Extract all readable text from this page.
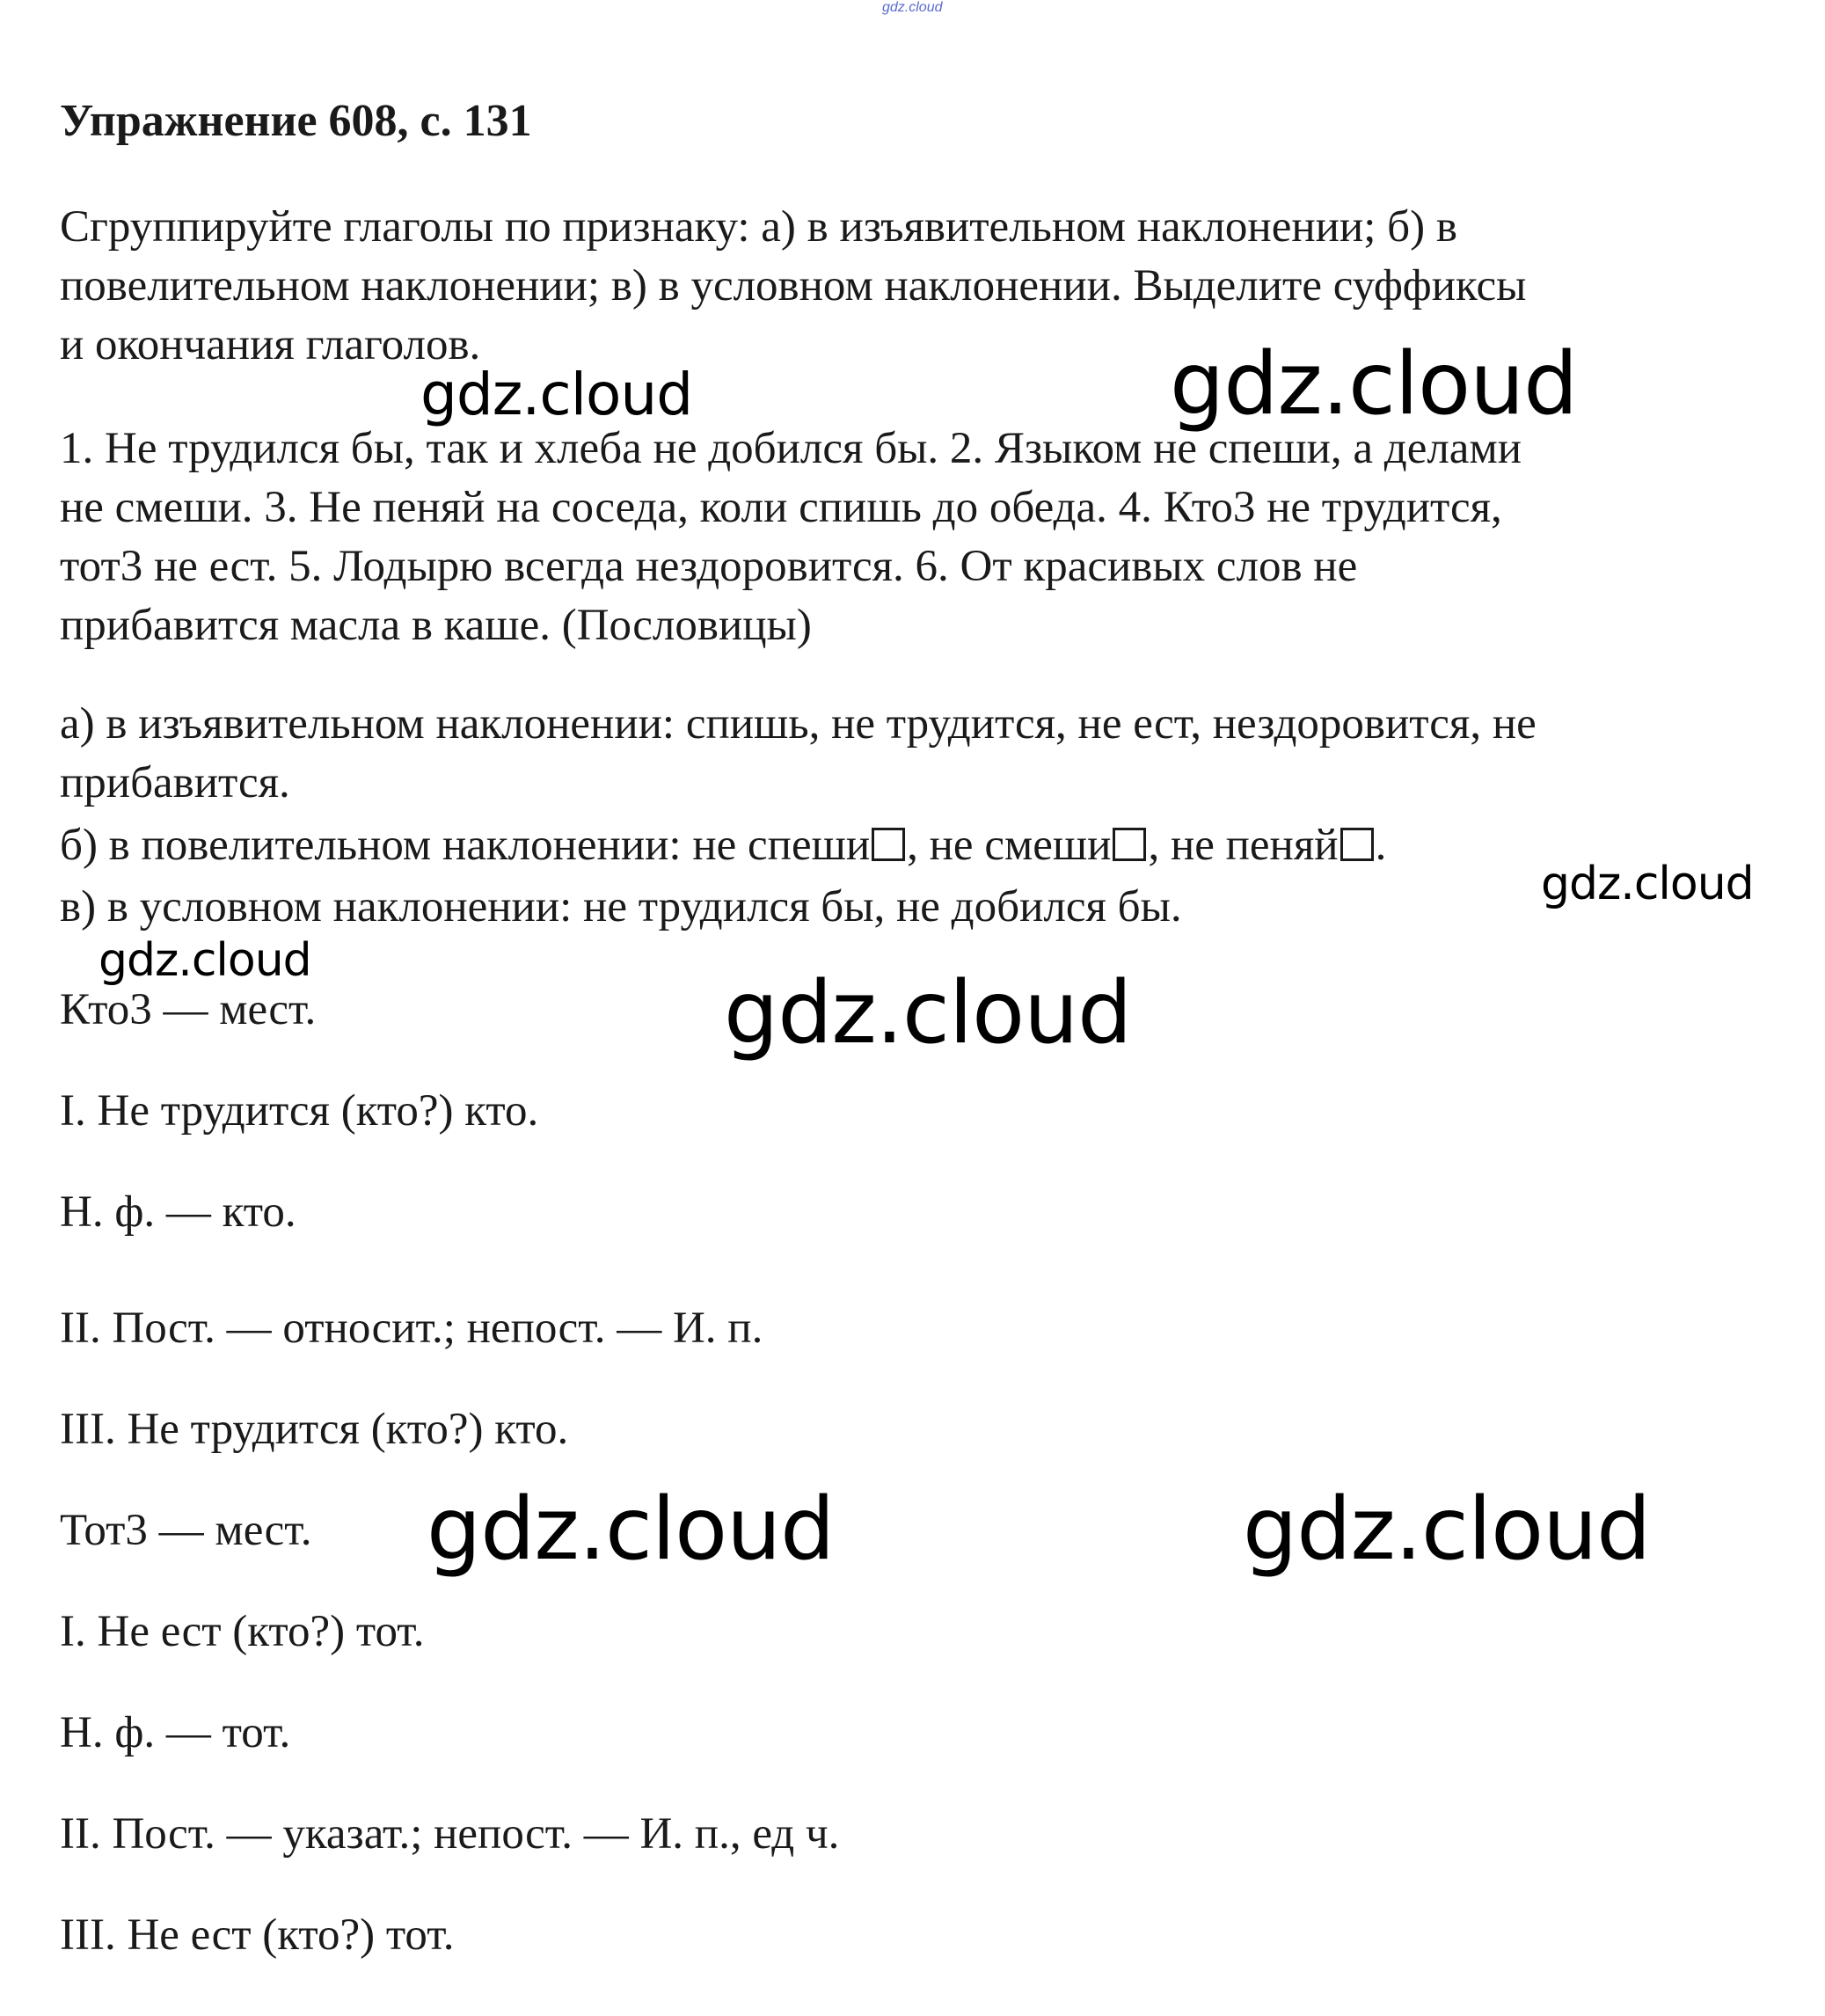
gdz.cloud
Упражнение 608, с. 131
Сгруппируйте глаголы по признаку: а) в изъявительном наклонении; б) в
повелительном наклонении; в) в условном наклонении. Выделите суффиксы
и окончания глаголов.
1. Не трудился бы, так и хлеба не добился бы. 2. Языком не спеши, а делами
не смеши. 3. Не пеняй на соседа, коли спишь до обеда. 4. Кто3 не трудится,
тот3 не ест. 5. Лодырю всегда нездоровится. 6. От красивых слов не
прибавится масла в каше. (Пословицы)
а) в изъявительном наклонении: спишь, не трудится, не ест, нездоровится, не
прибавится.
б) в повелительном наклонении: не спеши , не смеши , не пеняй .
в) в условном наклонении: не трудился бы, не добился бы.
Кто3 — мест.
I. Не трудится (кто?) кто.
Н. ф. — кто.
II. Пост. — относит.; непост. — И. п.
III. Не трудится (кто?) кто.
Тот3 — мест.
I. Не ест (кто?) тот.
Н. ф. — тот.
II. Пост. — указат.; непост. — И. п., ед ч.
III. Не ест (кто?) тот.
gdz.cloud	gdz.cloud
gdz.cloud
gdz.cloud
gdz.cloud
gdz.cloud	gdz.cloud
